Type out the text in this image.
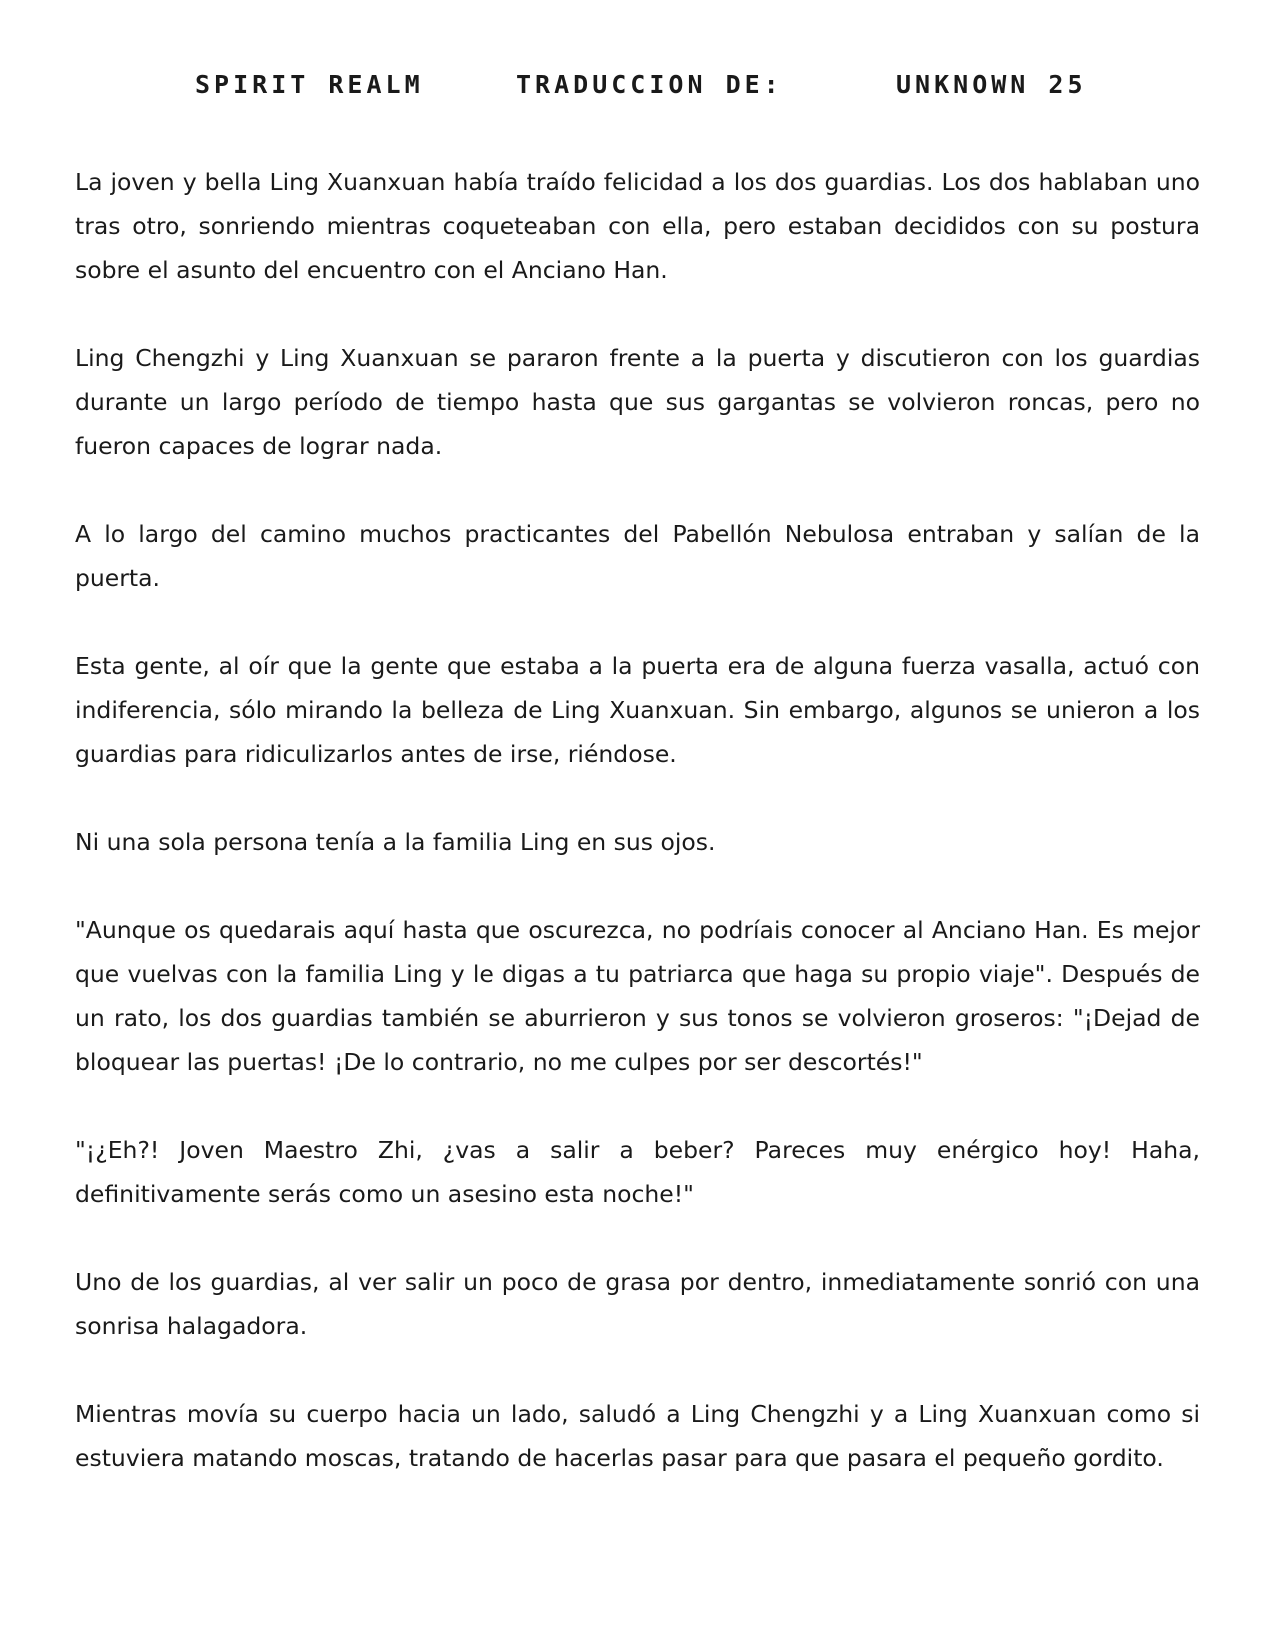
SPIRIT REALM	TRADUCCION DE:	UNKNOWN 25

La joven y bella Ling Xuanxuan había traído felicidad a los dos guardias. Los dos hablaban uno tras otro, sonriendo mientras coqueteaban con ella, pero estaban decididos con su postura sobre el asunto del encuentro con el Anciano Han.

Ling Chengzhi y Ling Xuanxuan se pararon frente a la puerta y discutieron con los guardias durante un largo período de tiempo hasta que sus gargantas se volvieron roncas, pero no fueron capaces de lograr nada.

A lo largo del camino muchos practicantes del Pabellón Nebulosa entraban y salían de la puerta.

Esta gente, al oír que la gente que estaba a la puerta era de alguna fuerza vasalla, actuó con indiferencia, sólo mirando la belleza de Ling Xuanxuan. Sin embargo, algunos se unieron a los guardias para ridiculizarlos antes de irse, riéndose.

Ni una sola persona tenía a la familia Ling en sus ojos.

"Aunque os quedarais aquí hasta que oscurezca, no podríais conocer al Anciano Han. Es mejor que vuelvas con la familia Ling y le digas a tu patriarca que haga su propio viaje". Después de un rato, los dos guardias también se aburrieron y sus tonos se volvieron groseros: "¡Dejad de bloquear las puertas! ¡De lo contrario, no me culpes por ser descortés!"

"¡¿Eh?! Joven Maestro Zhi, ¿vas a salir a beber? Pareces muy enérgico hoy! Haha, definitivamente serás como un asesino esta noche!"

Uno de los guardias, al ver salir un poco de grasa por dentro, inmediatamente sonrió con una sonrisa halagadora.

Mientras movía su cuerpo hacia un lado, saludó a Ling Chengzhi y a Ling Xuanxuan como si estuviera matando moscas, tratando de hacerlas pasar para que pasara el pequeño gordito.
